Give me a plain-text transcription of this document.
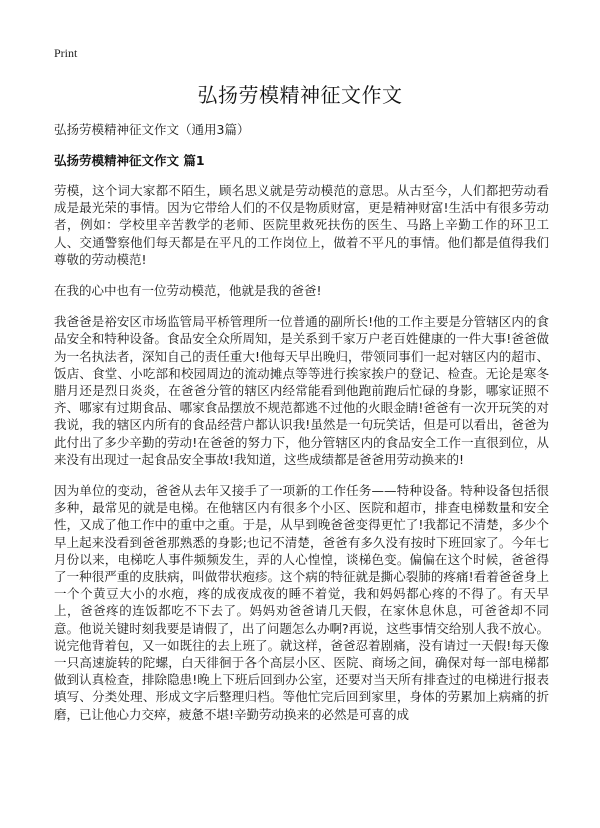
Print
弘扬劳模精神征文作文
弘扬劳模精神征文作文（通用3篇）
弘扬劳模精神征文作文 篇1

劳模，这个词大家都不陌生，顾名思义就是劳动模范的意思。从古至今，人们都把劳动看成是最光荣的事情。因为它带给人们的不仅是物质财富，更是精神财富!生活中有很多劳动者，例如：学校里辛苦教学的老师、医院里救死扶伤的医生、马路上辛勤工作的环卫工人、交通警察他们每天都是在平凡的工作岗位上，做着不平凡的事情。他们都是值得我们尊敬的劳动模范!

在我的心中也有一位劳动模范，他就是我的爸爸!

我爸爸是裕安区市场监管局平桥管理所一位普通的副所长!他的工作主要是分管辖区内的食品安全和特种设备。食品安全众所周知，是关系到千家万户老百姓健康的一件大事!爸爸做为一名执法者，深知自己的责任重大!他每天早出晚归，带领同事们一起对辖区内的超市、饭店、食堂、小吃部和校园周边的流动摊点等等进行挨家挨户的登记、检查。无论是寒冬腊月还是烈日炎炎，在爸爸分管的辖区内经常能看到他跑前跑后忙碌的身影，哪家证照不齐、哪家有过期食品、哪家食品摆放不规范都逃不过他的火眼金睛!爸爸有一次开玩笑的对我说，我的辖区内所有的食品经营户都认识我!虽然是一句玩笑话，但是可以看出，爸爸为此付出了多少辛勤的劳动!在爸爸的努力下，他分管辖区内的食品安全工作一直很到位，从来没有出现过一起食品安全事故!我知道，这些成绩都是爸爸用劳动换来的!

因为单位的变动，爸爸从去年又接手了一项新的工作任务——特种设备。特种设备包括很多种，最常见的就是电梯。在他辖区内有很多个小区、医院和超市，排查电梯数量和安全性，又成了他工作中的重中之重。于是，从早到晚爸爸变得更忙了!我都记不清楚，多少个早上起来没看到爸爸那熟悉的身影;也记不清楚，爸爸有多久没有按时下班回家了。今年七月份以来，电梯吃人事件频频发生，弄的人心惶惶，谈梯色变。偏偏在这个时候，爸爸得了一种很严重的皮肤病，叫做带状疱疹。这个病的特征就是撕心裂肺的疼痛!看着爸爸身上一个个黄豆大小的水疱，疼的成夜成夜的睡不着觉，我和妈妈都心疼的不得了。有天早上，爸爸疼的连饭都吃不下去了。妈妈劝爸爸请几天假，在家休息休息，可爸爸却不同意。他说关键时刻我要是请假了，出了问题怎么办啊?再说，这些事情交给别人我不放心。说完他背着包，又一如既往的去上班了。就这样，爸爸忍着剧痛，没有请过一天假!每天像一只高速旋转的陀螺，白天徘徊于各个高层小区、医院、商场之间，确保对每一部电梯都做到认真检查，排除隐患!晚上下班后回到办公室，还要对当天所有排查过的电梯进行报表填写、分类处理、形成文字后整理归档。等他忙完后回到家里，身体的劳累加上病痛的折磨，已让他心力交瘁，疲惫不堪!辛勤劳动换来的必然是可喜的成
